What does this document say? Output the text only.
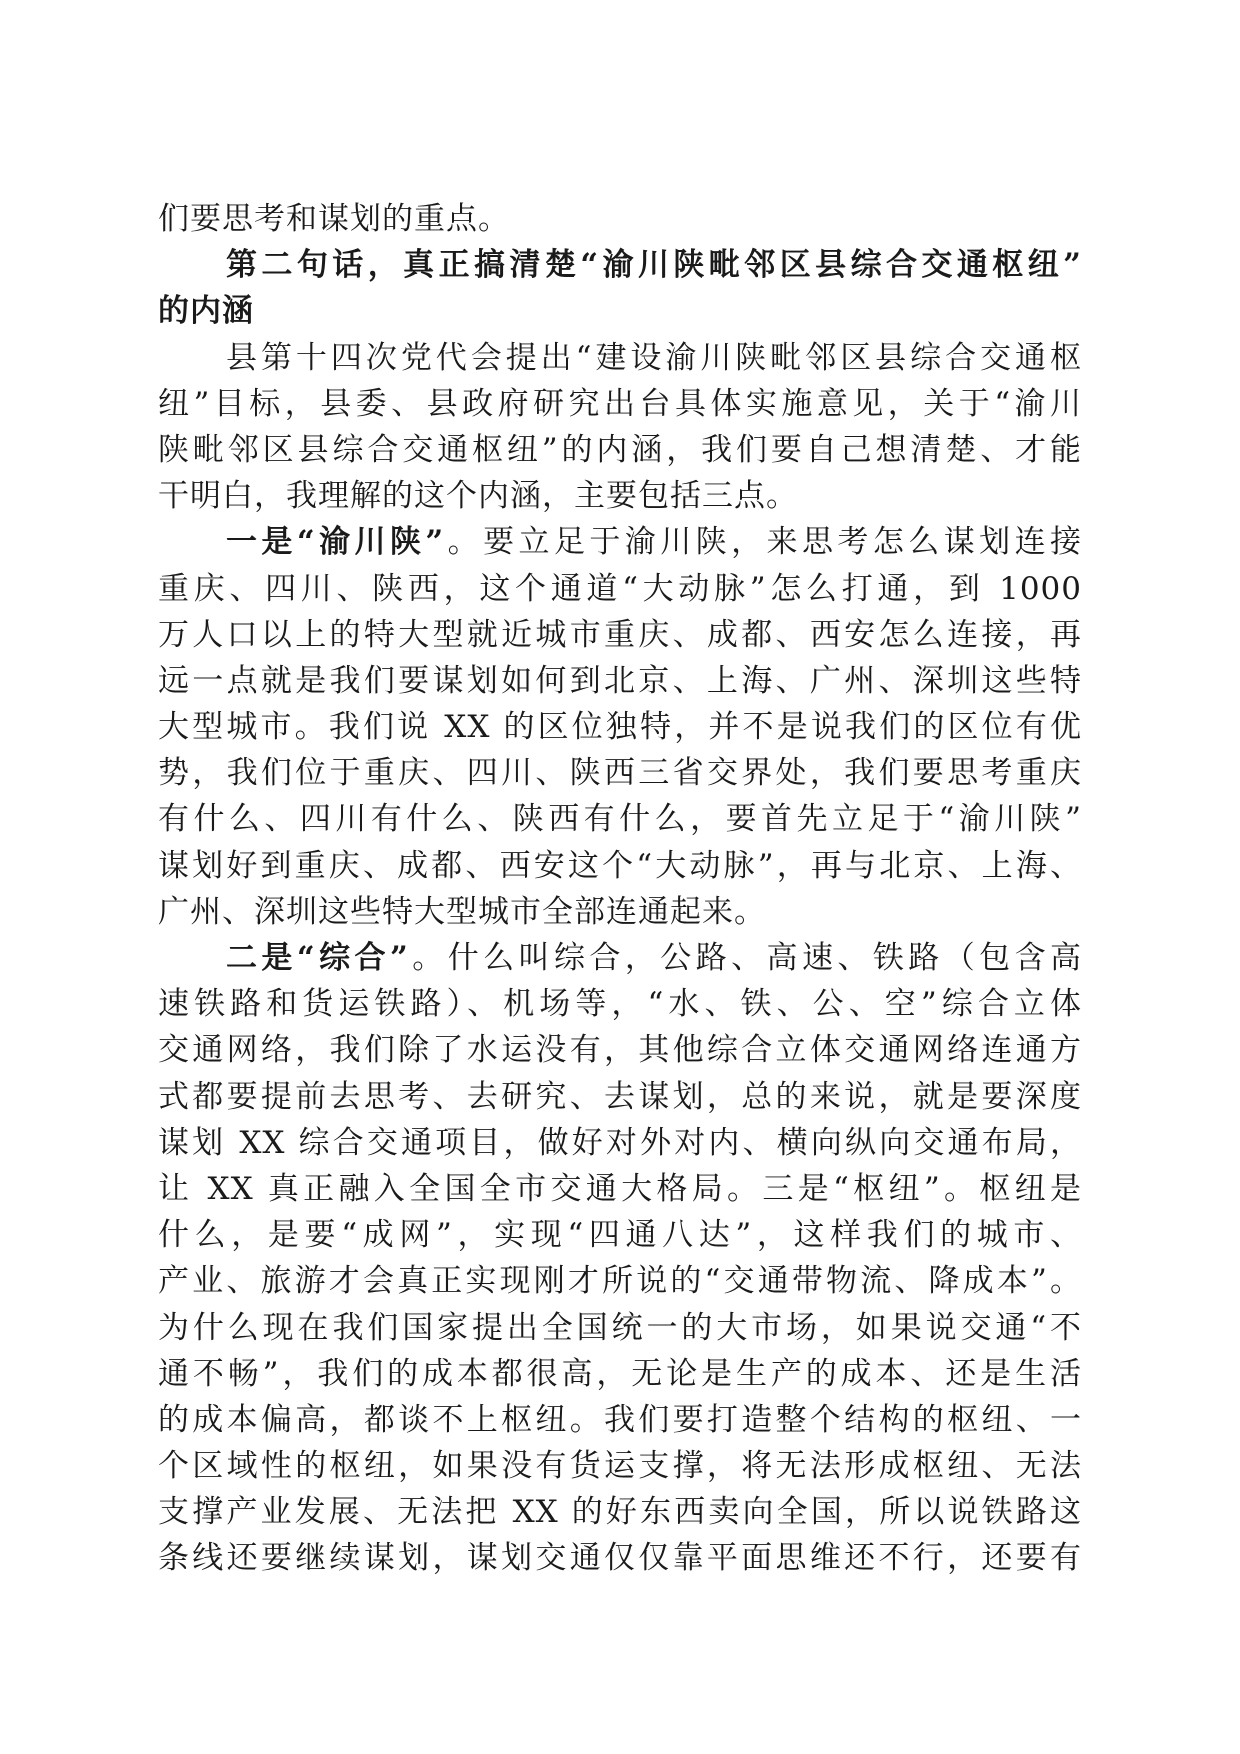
们要思考和谋划的重点。
第二句话，真正搞清楚“渝川陕毗邻区县综合交通枢纽”
的内涵
县第十四次党代会提出“建设渝川陕毗邻区县综合交通枢
纽”目标，县委、县政府研究出台具体实施意见，关于“渝川
陕毗邻区县综合交通枢纽”的内涵，我们要自己想清楚、才能
干明白，我理解的这个内涵，主要包括三点。
一是“渝川陕”。要立足于渝川陕，来思考怎么谋划连接
重庆、四川、陕西，这个通道“大动脉”怎么打通，到 1000
万人口以上的特大型就近城市重庆、成都、西安怎么连接，再
远一点就是我们要谋划如何到北京、上海、广州、深圳这些特
大型城市。我们说 XX 的区位独特，并不是说我们的区位有优
势，我们位于重庆、四川、陕西三省交界处，我们要思考重庆
有什么、四川有什么、陕西有什么，要首先立足于“渝川陕”
谋划好到重庆、成都、西安这个“大动脉”，再与北京、上海、
广州、深圳这些特大型城市全部连通起来。
二是“综合”。什么叫综合，公路、高速、铁路（包含高
速铁路和货运铁路）、机场等，“水、铁、公、空”综合立体
交通网络，我们除了水运没有，其他综合立体交通网络连通方
式都要提前去思考、去研究、去谋划，总的来说，就是要深度
谋划 XX 综合交通项目，做好对外对内、横向纵向交通布局，
让 XX 真正融入全国全市交通大格局。三是“枢纽”。枢纽是
什么，是要“成网”，实现“四通八达”，这样我们的城市、
产业、旅游才会真正实现刚才所说的“交通带物流、降成本”。
为什么现在我们国家提出全国统一的大市场，如果说交通“不
通不畅”，我们的成本都很高，无论是生产的成本、还是生活
的成本偏高，都谈不上枢纽。我们要打造整个结构的枢纽、一
个区域性的枢纽，如果没有货运支撑，将无法形成枢纽、无法
支撑产业发展、无法把 XX 的好东西卖向全国，所以说铁路这
条线还要继续谋划，谋划交通仅仅靠平面思维还不行，还要有
